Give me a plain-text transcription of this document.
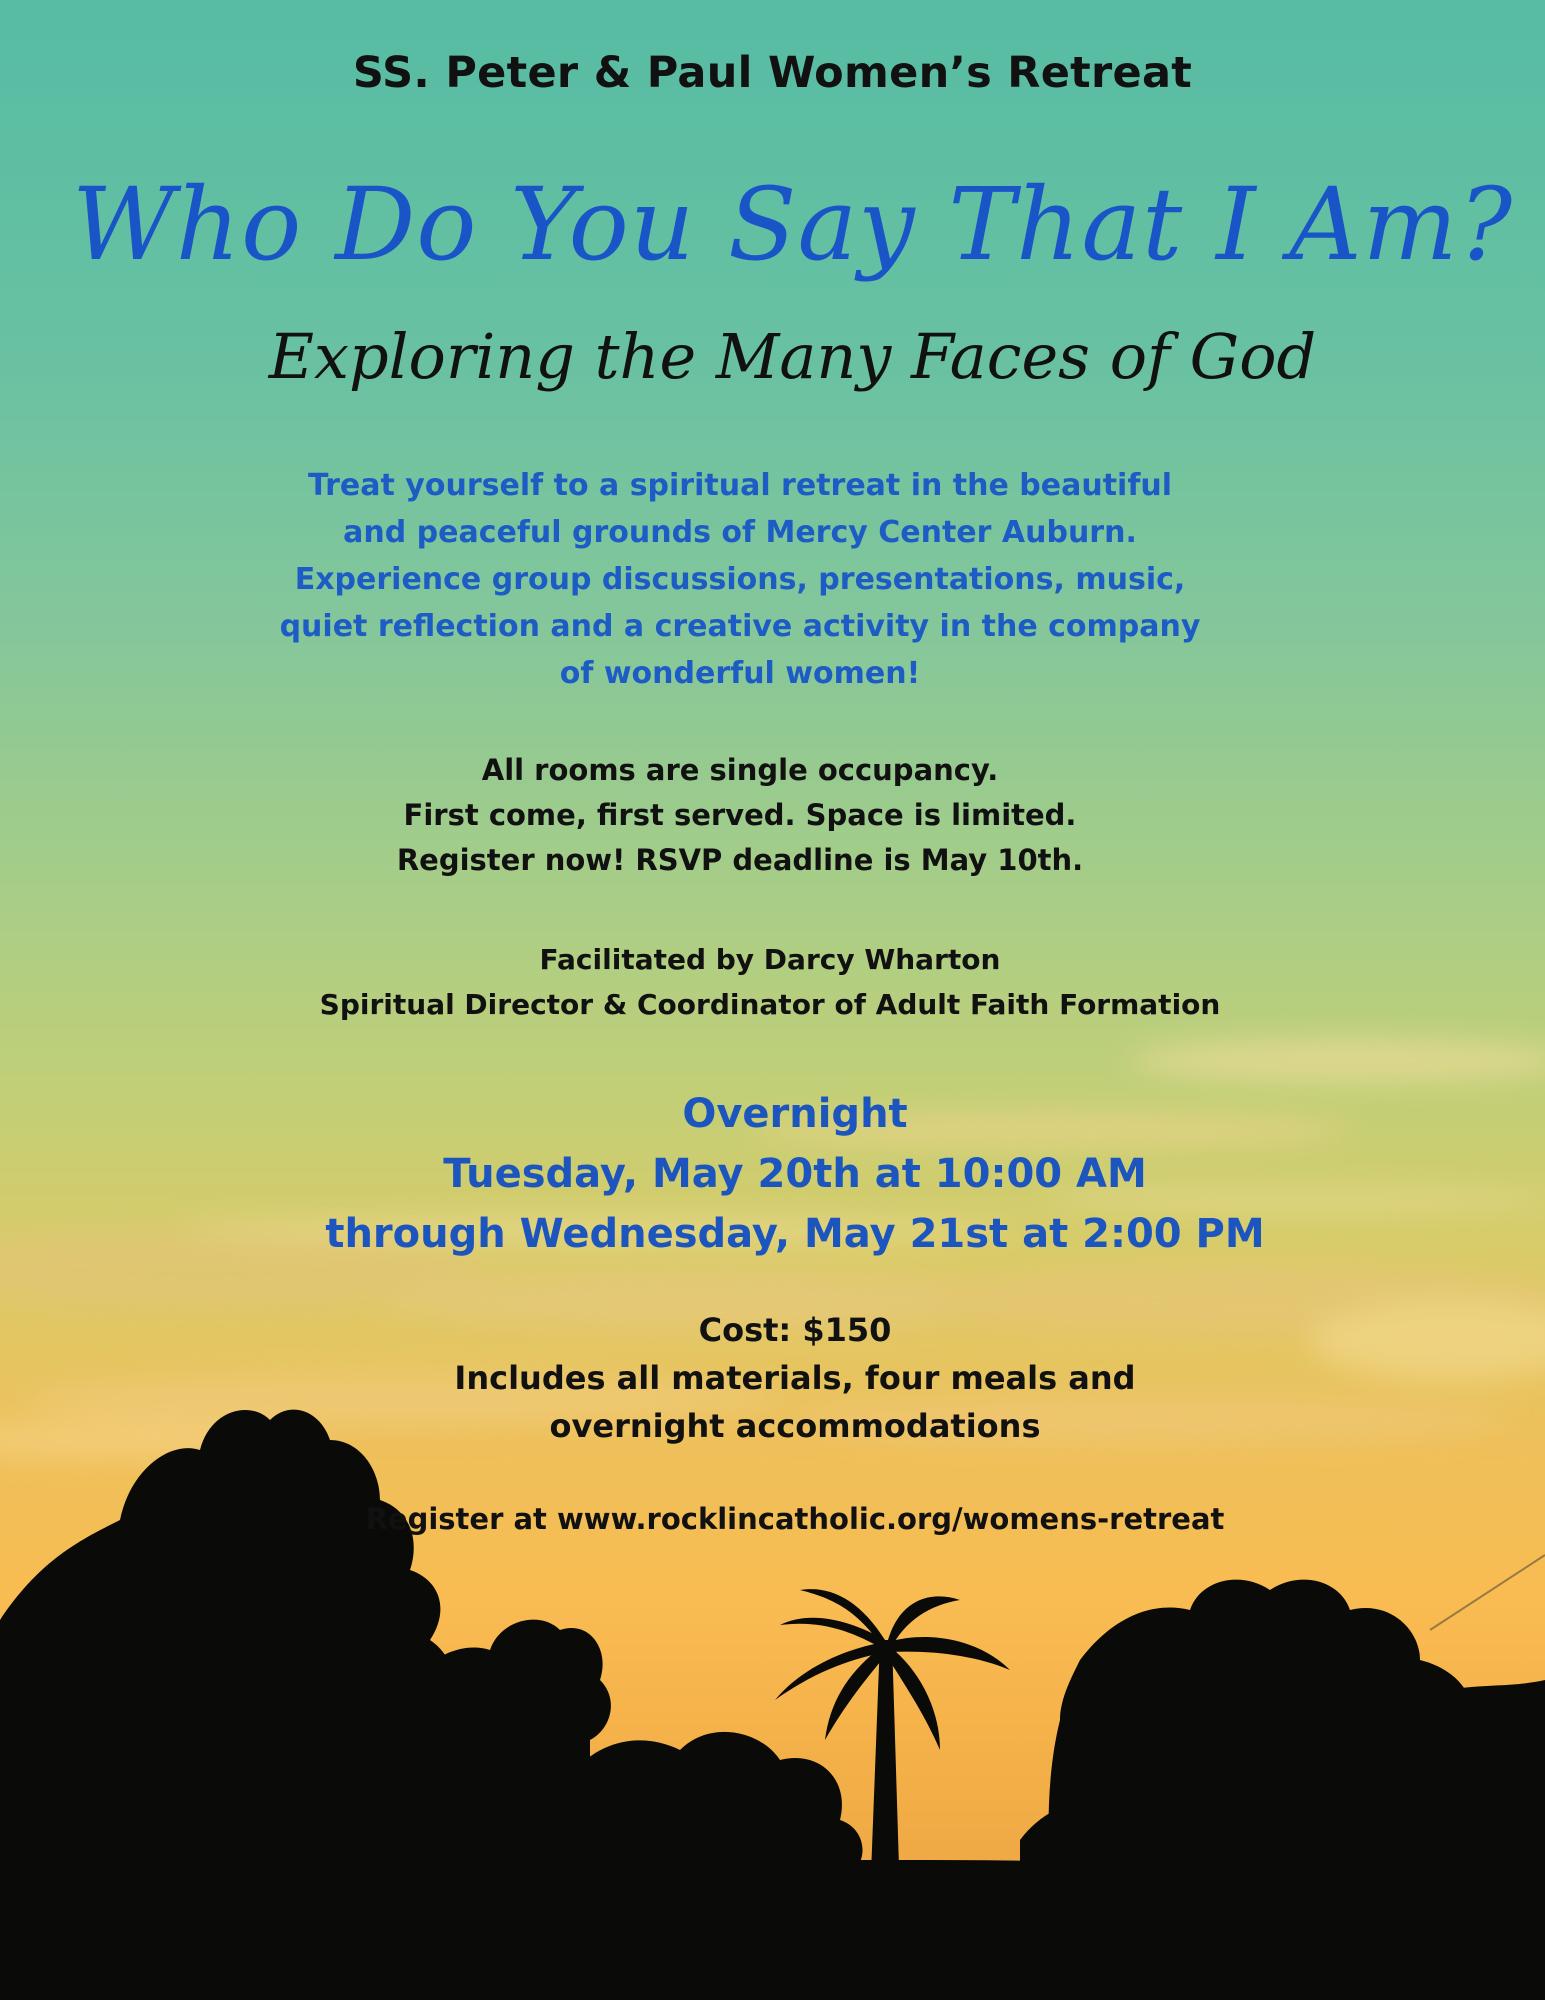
SS. Peter & Paul Women’s Retreat

Who Do You Say That I Am?

Exploring the Many Faces of God

Treat yourself to a spiritual retreat in the beautiful
and peaceful grounds of Mercy Center Auburn.
Experience group discussions, presentations, music,
quiet reflection and a creative activity in the company
of wonderful women!
All rooms are single occupancy.
First come, first served. Space is limited.
Register now! RSVP deadline is May 10th.
Facilitated by Darcy Wharton
Spiritual Director & Coordinator of Adult Faith Formation
Overnight
Tuesday, May 20th at 10:00 AM
through Wednesday, May 21st at 2:00 PM
Cost: $150
Includes all materials, four meals and
overnight accommodations

Register at www.rocklincatholic.org/womens-retreat
